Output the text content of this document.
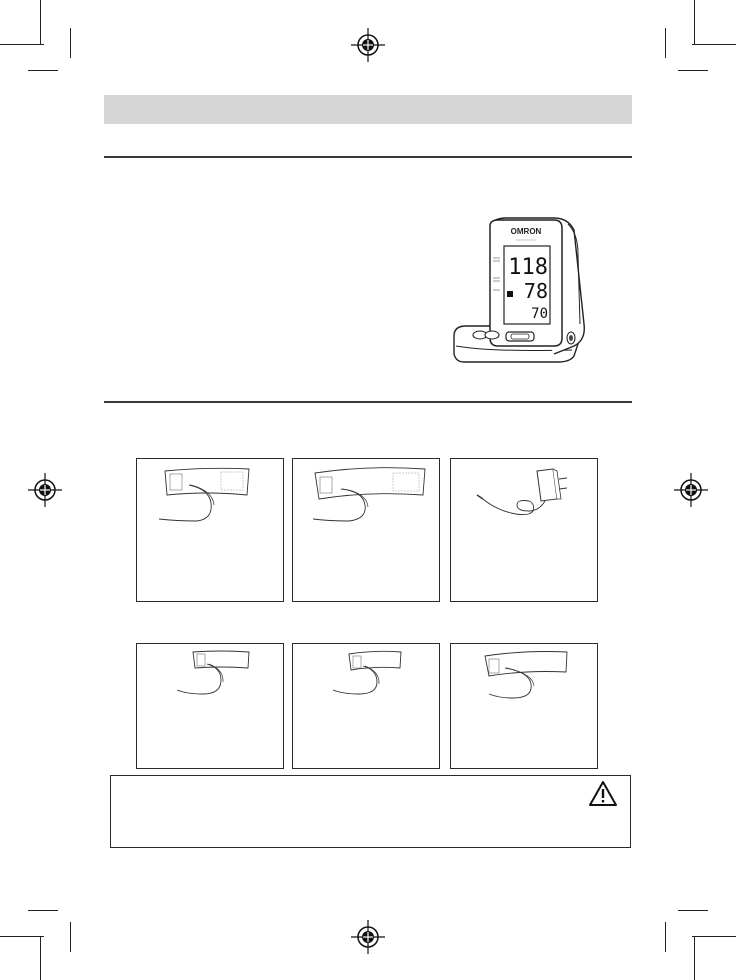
OMRON
118
78
70
